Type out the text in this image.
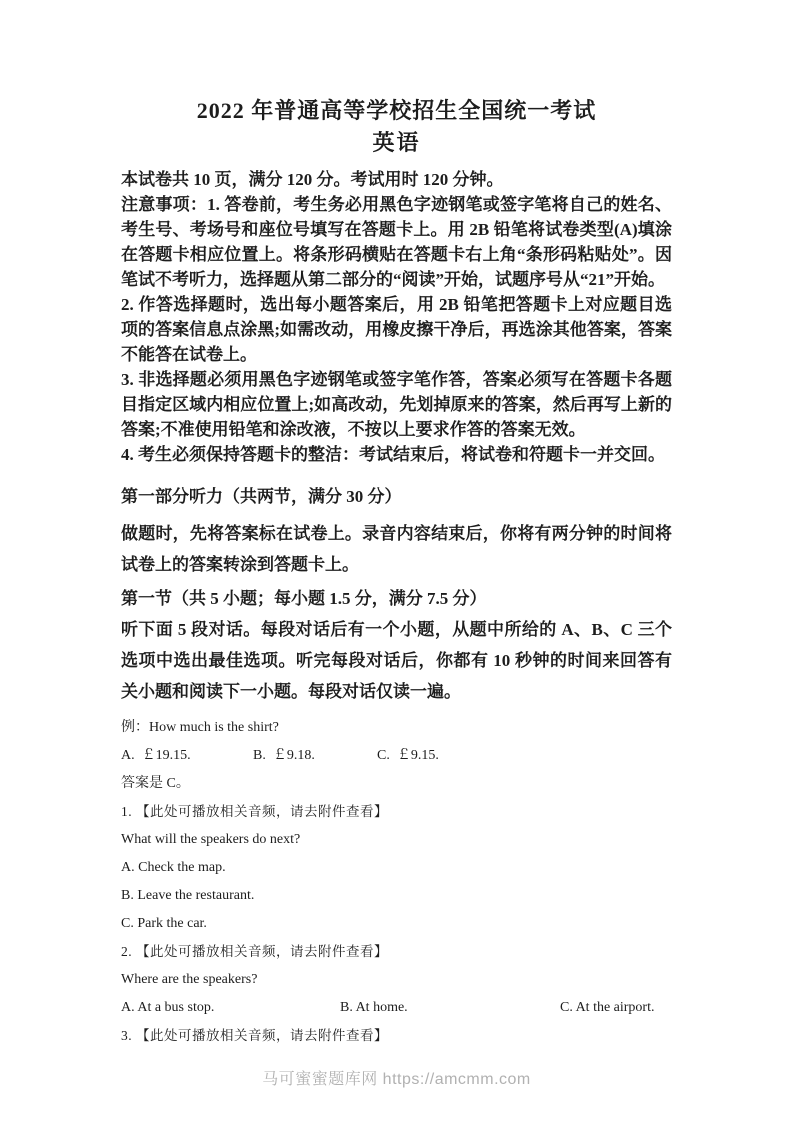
2022 年普通高等学校招生全国统一考试
英语

本试卷共 10 页，满分 120 分。考试用时 120 分钟。

注意事项：1. 答卷前，考生务必用黑色字迹钢笔或签字笔将自己的姓名、考生号、考场号和座位号填写在答题卡上。用 2B 铅笔将试卷类型(A)填涂在答题卡相应位置上。将条形码横贴在答题卡右上角“条形码粘贴处”。因笔试不考听力，选择题从第二部分的“阅读”开始，试题序号从“21”开始。

2. 作答选择题时，选出每小题答案后，用 2B 铅笔把答题卡上对应题目选项的答案信息点涂黑;如需改动，用橡皮擦干净后，再选涂其他答案，答案不能答在试卷上。

3. 非选择题必须用黑色字迹钢笔或签字笔作答，答案必须写在答题卡各题目指定区域内相应位置上;如高改动，先划掉原来的答案，然后再写上新的答案;不准使用铅笔和涂改液，不按以上要求作答的答案无效。

4. 考生必须保持答题卡的整洁：考试结束后，将试卷和符题卡一并交回。

第一部分听力（共两节，满分 30 分）

做题时，先将答案标在试卷上。录音内容结束后，你将有两分钟的时间将试卷上的答案转涂到答题卡上。

第一节（共 5 小题；每小题 1.5 分，满分 7.5 分）

听下面 5 段对话。每段对话后有一个小题，从题中所给的 A、B、C 三个选项中选出最佳选项。听完每段对话后，你都有 10 秒钟的时间来回答有关小题和阅读下一小题。每段对话仅读一遍。

例：How much is the shirt?

A.  ￡19.15.	B.  ￡9.18.	C.  ￡9.15.

答案是 C。

1. 【此处可播放相关音频，请去附件查看】

What will the speakers do next?

A. Check the map.

B. Leave the restaurant.

C. Park the car.

2. 【此处可播放相关音频，请去附件查看】

Where are the speakers?

A. At a bus stop.	B. At home.	C. At the airport.

3. 【此处可播放相关音频，请去附件查看】

马可蜜蜜题库网 https://amcmm.com
